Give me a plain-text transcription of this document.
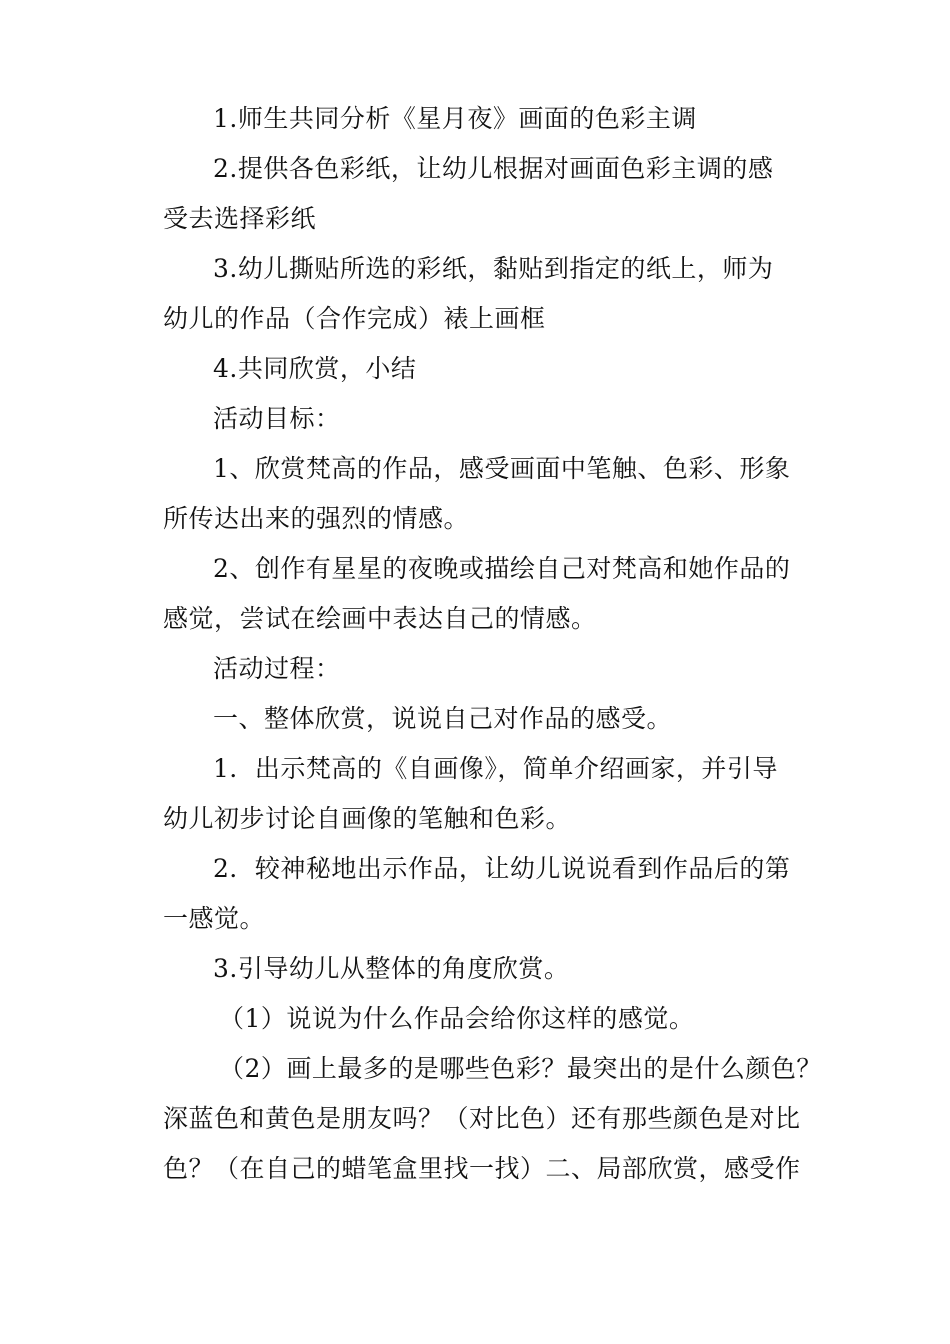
1.师生共同分析《星月夜》画面的色彩主调
2.提供各色彩纸，让幼儿根据对画面色彩主调的感
受去选择彩纸
3.幼儿撕贴所选的彩纸，黏贴到指定的纸上，师为
幼儿的作品（合作完成）裱上画框
4.共同欣赏，小结
活动目标：
1、欣赏梵高的作品，感受画面中笔触、色彩、形象
所传达出来的强烈的情感。
2、创作有星星的夜晚或描绘自己对梵高和她作品的
感觉，尝试在绘画中表达自己的情感。
活动过程：
一、整体欣赏，说说自己对作品的感受。
1．出示梵高的《自画像》，简单介绍画家，并引导
幼儿初步讨论自画像的笔触和色彩。
2．较神秘地出示作品，让幼儿说说看到作品后的第
一感觉。
3.引导幼儿从整体的角度欣赏。
（1）说说为什么作品会给你这样的感觉。
（2）画上最多的是哪些色彩？最突出的是什么颜色？
深蓝色和黄色是朋友吗？（对比色）还有那些颜色是对比
色？（在自己的蜡笔盒里找一找）二、局部欣赏，感受作
